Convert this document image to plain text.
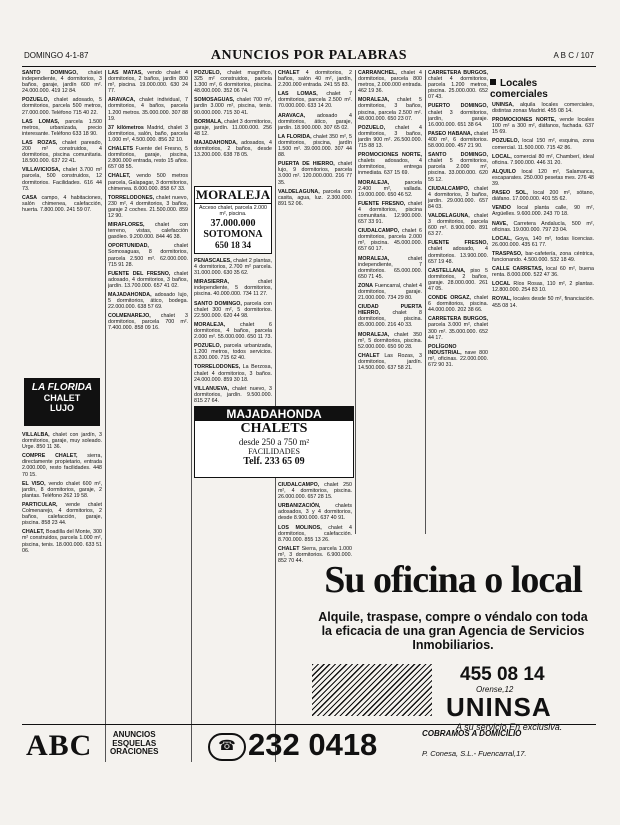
DOMINGO 4-1-87	ANUNCIOS POR PALABRAS	A B C / 107

SANTO DOMINGO, chalet independiente, 4 dormitorios, 3 baños, garaje, jardín 600 m². 24.000.000. 419 12 84.

POZUELO, chalet adosado, 5 dormitorios, parcela 500 metros, 27.000.000. Teléfono 715 40 22.

LAS LOMAS, parcela 1.500 metros, urbanizada, precio interesante. Teléfono 633 18 90.

LAS ROZAS, chalet pareado, 200 m² construidos, 4 dormitorios, piscina comunitaria. 18.500.000. 637 22 41.

VILLAVICIOSA, chalet 3.700 m² parcela, 500 construidos, 12 dormitorios. Facilidades. 616 44 73.

CASA campo, 4 habitaciones, salón chimenea, calefacción, huerta. 7.800.000. 241 59 07.

LA FLORIDA
CHALET
LUJO

VILLALBA, chalet con jardín, 3 dormitorios, garaje, muy soleado. Urge. 850 11 36.

COMPRE CHALET, sierra, directamente propietario, entrada 2.000.000, resto facilidades. 448 70 15.

EL VISO, vendo chalet 600 m², jardín, 8 dormitorios, garaje, 2 plantas. Teléfono 262 19 58.

PARTICULAR, vende chalet Colmenarejo, 4 dormitorios, 2 baños, calefacción, garaje, piscina. 858 23 44.

CHALET, Boadilla del Monte, 300 m² construidos, parcela 1.000 m², piscina, tenis. 18.000.000. 633 51 06.

LAS MATAS, vendo chalet 4 dormitorios, 2 baños, jardín 800 m², piscina. 19.000.000. 630 24 77.

ARAVACA, chalet individual, 7 dormitorios, 4 baños, parcela 1.200 metros. 35.000.000. 307 88 19.

37 kilómetros Madrid, chalet 3 dormitorios, salón, baño, parcela 1.000 m², 4.500.000. 856 32 10.

CHALETS Fuente del Fresno, 5 dormitorios, garaje, piscina, 2.800.000 entrada, resto 15 años. 657 08 55.

CHALET, vendo 500 metros parcela, Galapagar, 3 dormitorios, chimenea. 8.000.000. 858 67 33.

TORRELODONES, chalet nuevo, 230 m², 4 dormitorios, 3 baños, garaje 2 coches. 21.500.000. 859 12 90.

MIRAFLORES, chalet con terreno, vistas, calefacción gasóleo. 9.200.000. 844 46 38.

OPORTUNIDAD, chalet Somosaguas, 8 dormitorios, parcela 2.500 m². 62.000.000. 715 91 28.

FUENTE DEL FRESNO, chalet adosado, 4 dormitorios, 3 baños, jardín. 13.700.000. 657 41 02.

MAJADAHONDA, adosado lujo, 5 dormitorios, ático, bodega. 22.000.000. 638 57 69.

COLMENAREJO, chalet 3 dormitorios, parcela 700 m². 7.400.000. 858 09 16.

POZUELO, chalet magnífico, 325 m² construidos, parcela 1.300 m², 6 dormitorios, piscina. 48.000.000. 352 06 74.

SOMOSAGUAS, chalet 700 m², jardín 3.000 m², piscina, tenis. 90.000.000. 715 30 41.

BORMALA, chalet 3 dormitorios, garaje, jardín. 11.000.000. 256 48 12.

MAJADAHONDA, adosados, 4 dormitorios, 2 baños, desde 13.200.000. 638 78 05.

MORALEJA
Acceso chalet, parcela 2.000 m², piscina.
37.000.000
SOTOMONA
650 18 34

PEÑASCALES, chalet 2 plantas, 4 dormitorios, 2.700 m² parcela. 31.000.000. 630 35 62.

MIRASIERRA, chalet independiente, 5 dormitorios, piscina. 40.000.000. 734 11 27.

SANTO DOMINGO, parcela con chalet 300 m², 5 dormitorios. 22.500.000. 620 44 98.

MORALEJA, chalet 6 dormitorios, 4 baños, parcela 2.000 m². 55.000.000. 650 11 73.

POZUELO, parcela urbanizada, 1.200 metros, todos servicios. 8.200.000. 715 62 40.

TORRELODONES, La Berzosa, chalet 4 dormitorios, 3 baños. 24.000.000. 859 30 18.

VILLANUEVA, chalet nuevo, 3 dormitorios, jardín. 9.500.000. 815 27 64.

CHALET 4 dormitorios, 2 baños, salón 40 m², jardín, 2.200.000 entrada. 241 55 83.

LAS LOMAS, chalet 7 dormitorios, parcela 2.500 m². 70.000.000. 633 14 20.

ARAVACA, adosado 4 dormitorios, ático, garaje, jardín. 18.900.000. 307 65 02.

LA FLORIDA, chalet 350 m², 5 dormitorios, piscina, jardín 1.500 m². 39.000.000. 307 44 88.

PUERTA DE HIERRO, chalet lujo, 9 dormitorios, parcela 3.000 m². 120.000.000. 216 77 35.

VALDELAGUNA, parcela con casita, agua, luz. 2.300.000. 891 52 06.

MAJADAHONDA
CHALETS
desde 250 a 750 m²
FACILIDADES
Telf. 233 65 09

CIUDALCAMPO, chalet 250 m², 4 dormitorios, piscina. 26.000.000. 657 28 15.

URBANIZACIÓN, chalets adosados, 3 y 4 dormitorios, desde 8.900.000. 637 40 91.

LOS MOLINOS, chalet 4 dormitorios, calefacción. 8.700.000. 855 13 26.

CHALET Sierra, parcela 1.000 m², 3 dormitorios. 6.900.000. 852 70 44.

CARRANCHEL, chalet 4 dormitorios, parcela 800 metros, 2.000.000 entrada. 462 19 36.

MORALEJA, chalet 5 dormitorios, 3 baños, piscina, parcela 2.500 m². 48.000.000. 650 23 07.

POZUELO, chalet 4 dormitorios, 3 baños, jardín 900 m². 26.500.000. 715 88 13.

PROMOCIONES NORTE, chalets adosados, 4 dormitorios, entrega inmediata. 637 15 69.

MORALEJA, parcela 2.400 m², vallada. 19.000.000. 650 46 52.

FUENTE FRESNO, chalet 4 dormitorios, piscina comunitaria. 12.900.000. 657 33 91.

CIUDALCAMPO, chalet 6 dormitorios, parcela 2.000 m², piscina. 45.000.000. 657 60 17.

MORALEJA, chalet independiente, 7 dormitorios. 65.000.000. 650 71 45.

ZONA Fuencarral, chalet 4 dormitorios, garaje. 21.000.000. 734 29 80.

CIUDAD PUERTA HIERRO, chalet 8 dormitorios, piscina. 85.000.000. 216 40 33.

MORALEJA, chalet 350 m², 5 dormitorios, piscina. 52.000.000. 650 90 28.

CHALET Las Rozas, 3 dormitorios, jardín. 14.500.000. 637 58 21.

CARRETERA BURGOS, chalet 4 dormitorios, parcela 1.200 metros, piscina. 25.000.000. 652 07 43.

PUERTO DOMINGO, chalet 3 dormitorios, jardín, garaje. 16.000.000. 651 38 64.

PASEO HABANA, chalet 400 m², 6 dormitorios. 58.000.000. 457 21 90.

SANTO DOMINGO, chalet 5 dormitorios, parcela 2.000 m², piscina. 33.000.000. 620 55 12.

CIUDALCAMPO, chalet 4 dormitorios, 3 baños, jardín. 29.000.000. 657 84 03.

VALDELAGUNA, chalet 3 dormitorios, parcela 600 m². 8.900.000. 891 63 27.

FUENTE FRESNO, chalet adosado, 4 dormitorios. 13.900.000. 657 19 48.

CASTELLANA, piso 5 dormitorios, 2 baños, garaje. 28.000.000. 261 47 05.

CONDE ORGAZ, chalet 6 dormitorios, piscina. 44.000.000. 202 38 66.

CARRETERA BURGOS, parcela 3.000 m², chalet 300 m². 35.000.000. 652 44 17.

POLÍGONO INDUSTRIAL, nave 800 m², oficinas. 22.000.000. 672 90 31.

Locales comerciales

UNINSA, alquila locales comerciales, distintas zonas Madrid. 455 08 14.

PROMOCIONES NORTE, vende locales 100 m² a 300 m², diáfanos, fachada. 637 15 69.

POZUELO, local 150 m², esquina, zona comercial. 11.500.000. 715 42 86.

LOCAL, comercial 80 m², Chamberí, ideal oficina. 7.900.000. 446 31 20.

ALQUILO local 120 m², Salamanca, escaparates. 250.000 pesetas mes. 276 48 39.

PASEO SOL, local 200 m², sótano, diáfano. 17.000.000. 401 55 62.

VENDO local planta calle, 90 m², Argüelles. 9.600.000. 243 70 18.

NAVE, Carretera Andalucía, 500 m², oficinas. 19.000.000. 797 23 04.

LOCAL, Goya, 140 m², todas licencias. 26.000.000. 435 61 77.

TRASPASO, bar-cafetería, zona céntrica, funcionando. 4.500.000. 532 18 49.

CALLE CARRETAS, local 60 m², buena renta. 8.000.000. 522 47 36.

LOCAL Ríos Rosas, 110 m², 2 plantas. 12.800.000. 254 83 10.

ROYAL, locales desde 50 m², financiación. 455 08 14.

Su oficina o local
Alquile, traspase, compre o véndalo con toda la eficacia de una gran Agencia de Servicios Inmobiliarios.
455 08 14
Orense,12
UNINSA
A su servicio.En exclusiva.
ABC	ANUNCIOS
ESQUELAS
ORACIONES	☎ 232 0418	COBRAMOS A DOMICILIO
P. Conesa, S.L.- Fuencarral,17.
